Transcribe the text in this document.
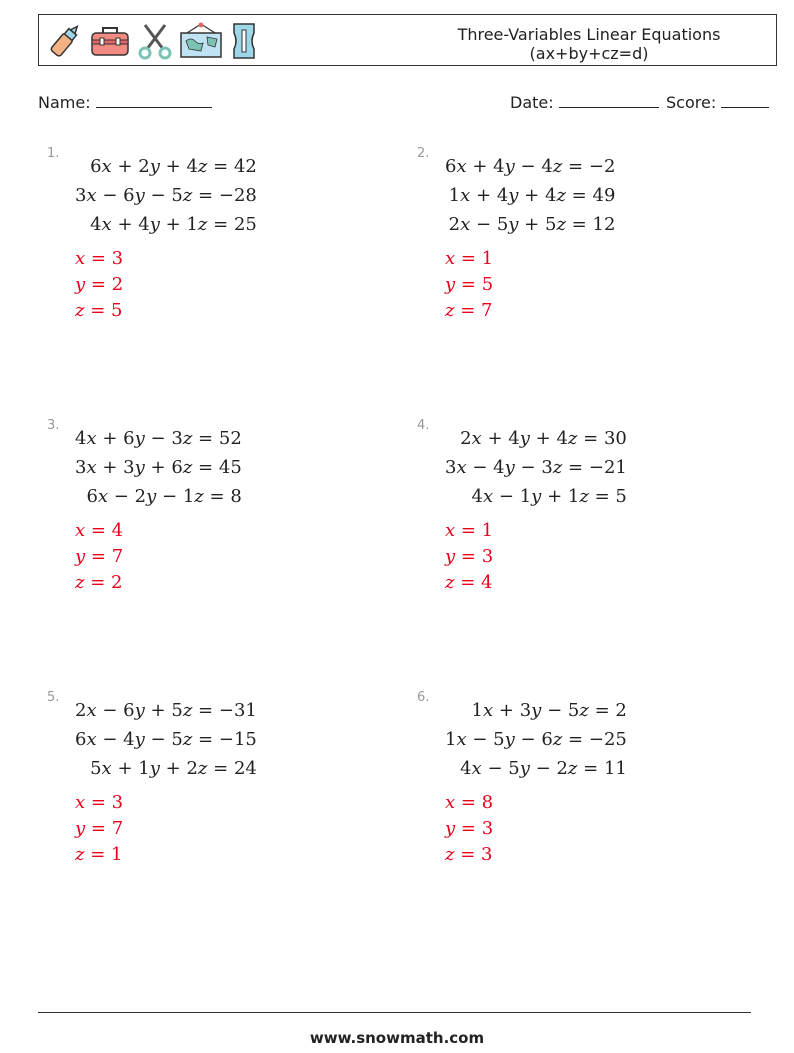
Three-Variables Linear Equations
(ax+by+cz=d)
Name:	Date:	Score:
1.
6x + 2y + 4z = 42
3x − 6y − 5z = −28
4x + 4y + 1z = 25
x = 3
y = 2
z = 5
2.
6x + 4y − 4z = −2
1x + 4y + 4z = 49
2x − 5y + 5z = 12
x = 1
y = 5
z = 7
3.
4x + 6y − 3z = 52
3x + 3y + 6z = 45
6x − 2y − 1z = 8
x = 4
y = 7
z = 2
4.
2x + 4y + 4z = 30
3x − 4y − 3z = −21
4x − 1y + 1z = 5
x = 1
y = 3
z = 4
5.
2x − 6y + 5z = −31
6x − 4y − 5z = −15
5x + 1y + 2z = 24
x = 3
y = 7
z = 1
6.
1x + 3y − 5z = 2
1x − 5y − 6z = −25
4x − 5y − 2z = 11
x = 8
y = 3
z = 3
www.snowmath.com
